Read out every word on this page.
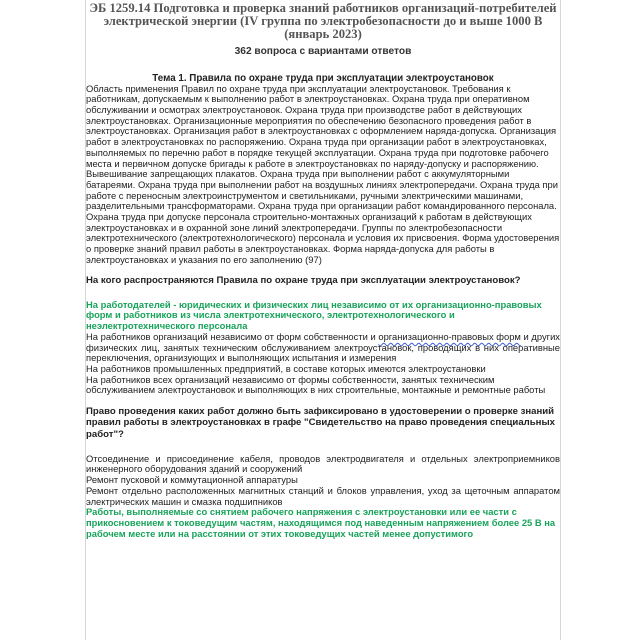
ЭБ 1259.14 Подготовка и проверка знаний работников организаций-потребителей электрической энергии (IV группа по электробезопасности до и выше 1000 В (январь 2023)

362 вопроса с вариантами ответов

Тема 1. Правила по охране труда при эксплуатации электроустановок

Область применения Правил по охране труда при эксплуатации электроустановок. Требования к работникам, допускаемым к выполнению работ в электроустановках. Охрана труда при оперативном обслуживании и осмотрах электроустановок. Охрана труда при производстве работ в действующих электроустановках. Организационные мероприятия по обеспечению безопасного проведения работ в электроустановках. Организация работ в электроустановках с оформлением наряда-допуска. Организация работ в электроустановках по распоряжению. Охрана труда при организации работ в электроустановках, выполняемых по перечню работ в порядке текущей эксплуатации. Охрана труда при подготовке рабочего места и первичном допуске бригады к работе в электроустановках по наряду-допуску и распоряжению. Вывешивание запрещающих плакатов. Охрана труда при выполнении работ с аккумуляторными батареями. Охрана труда при выполнении работ на воздушных линиях электропередачи. Охрана труда при работе с переносным электроинструментом и светильниками, ручными электрическими машинами, разделительными трансформаторами. Охрана труда при организации работ командированного персонала. Охрана труда при допуске персонала строительно-монтажных организаций к работам в действующих электроустановках и в охранной зоне линий электропередачи. Группы по электробезопасности электротехнического (электротехнологического) персонала и условия их присвоения. Форма удостоверения о проверке знаний правил работы в электроустановках. Форма наряда-допуска для работы в электроустановках и указания по его заполнению (97)

На кого распространяются Правила по охране труда при эксплуатации электроустановок?

На работодателей - юридических и физических лиц независимо от их организационно-правовых форм и работников из числа электротехнического, электротехнологического и неэлектротехнического персонала

На работников организаций независимо от форм собственности и организационно-правовых форм и других физических лиц, занятых техническим обслуживанием электроустановок, проводящих в них оперативные переключения, организующих и выполняющих испытания и измерения

На работников промышленных предприятий, в составе которых имеются электроустановки

На работников всех организаций независимо от формы собственности, занятых техническим обслуживанием электроустановок и выполняющих в них строительные, монтажные и ремонтные работы

Право проведения каких работ должно быть зафиксировано в удостоверении о проверке знаний правил работы в электроустановках в графе "Свидетельство на право проведения специальных работ"?

Отсоединение и присоединение кабеля, проводов электродвигателя и отдельных электроприемников инженерного оборудования зданий и сооружений

Ремонт пусковой и коммутационной аппаратуры

Ремонт отдельно расположенных магнитных станций и блоков управления, уход за щеточным аппаратом электрических машин и смазка подшипников

Работы, выполняемые со снятием рабочего напряжения с электроустановки или ее части с прикосновением к токоведущим частям, находящимся под наведенным напряжением более 25 В на рабочем месте или на расстоянии от этих токоведущих частей менее допустимого
